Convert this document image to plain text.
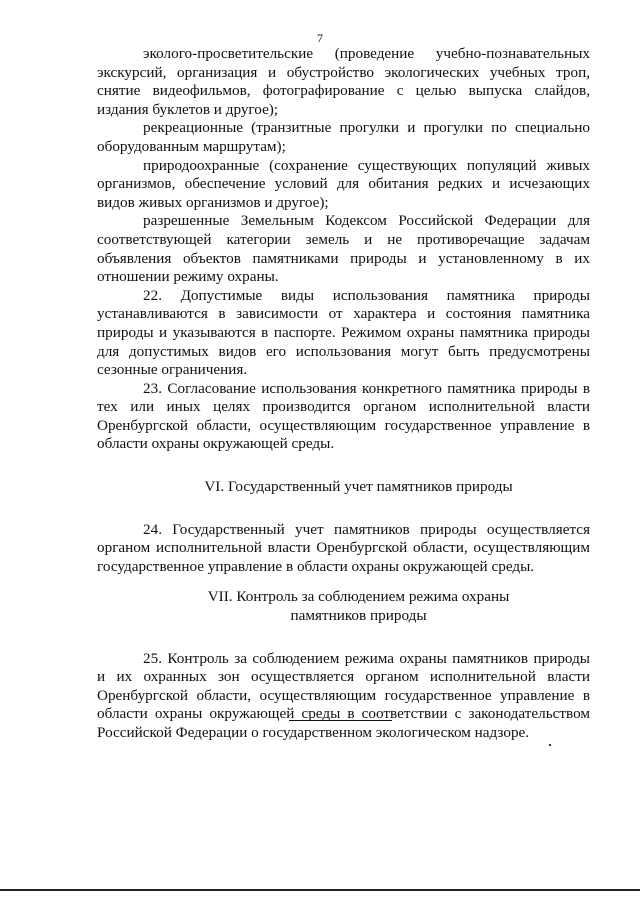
7

эколого-просветительские (проведение учебно-познавательных экскурсий, организация и обустройство экологических учебных троп, снятие видеофильмов, фотографирование с целью выпуска слайдов, издания буклетов и другое);

рекреационные (транзитные прогулки и прогулки по специально оборудованным маршрутам);

природоохранные (сохранение существующих популяций живых организмов, обеспечение условий для обитания редких и исчезающих видов живых организмов и другое);

разрешенные Земельным Кодексом Российской Федерации для соответствующей категории земель и не противоречащие задачам объявления объектов памятниками природы и установленному в их отношении режиму охраны.

22. Допустимые виды использования памятника природы устанавливаются в зависимости от характера и состояния памятника природы и указываются в паспорте. Режимом охраны памятника природы для допустимых видов его использования могут быть предусмотрены сезонные ограничения.

23. Согласование использования конкретного памятника природы в тех или иных целях производится органом исполнительной власти Оренбургской области, осуществляющим государственное управление в области охраны окружающей среды.

VI. Государственный учет памятников природы

24. Государственный учет памятников природы осуществляется органом исполнительной власти Оренбургской области, осуществляющим государственное управление в области охраны окружающей среды.

VII. Контроль за соблюдением режима охраны

памятников природы

25. Контроль за соблюдением режима охраны памятников природы и их охранных зон осуществляется органом исполнительной власти Оренбургской области, осуществляющим государственное управление в области охраны окружающей среды в соответствии с законодательством Российской Федерации о государственном экологическом надзоре.
